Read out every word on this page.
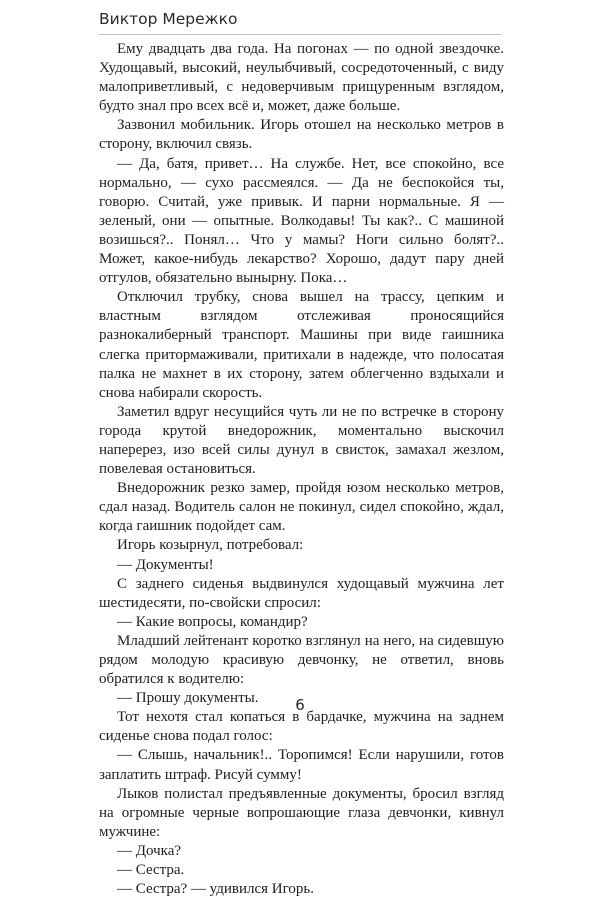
Виктор Мережко

Ему двадцать два года. На погонах — по одной звездочке. Худощавый, высокий, неулыбчивый, сосредоточенный, с виду малоприветливый, с недоверчивым прищуренным взглядом, будто знал про всех всё и, может, даже больше.

Зазвонил мобильник. Игорь отошел на несколько метров в сторону, включил связь.

— Да, батя, привет… На службе. Нет, все спокойно, все нормально, — сухо рассмеялся. — Да не беспокойся ты, говорю. Считай, уже привык. И парни нормальные. Я — зеленый, они — опытные. Волкодавы! Ты как?.. С машиной возишься?.. Понял… Что у мамы? Ноги сильно болят?.. Может, какое-нибудь лекарство? Хорошо, дадут пару дней отгулов, обязательно вынырну. Пока…

Отключил трубку, снова вышел на трассу, цепким и властным взглядом отслеживая проносящийся разнокалиберный транспорт. Машины при виде гаишника слегка притормаживали, притихали в надежде, что полосатая палка не махнет в их сторону, затем облегченно вздыхали и снова набирали скорость.

Заметил вдруг несущийся чуть ли не по встречке в сторону города крутой внедорожник, моментально выскочил наперерез, изо всей силы дунул в свисток, замахал жезлом, повелевая остановиться.

Внедорожник резко замер, пройдя юзом несколько метров, сдал назад. Водитель салон не покинул, сидел спокойно, ждал, когда гаишник подойдет сам.

Игорь козырнул, потребовал:

— Документы!

С заднего сиденья выдвинулся худощавый мужчина лет шестидесяти, по-свойски спросил:

— Какие вопросы, командир?

Младший лейтенант коротко взглянул на него, на сидевшую рядом молодую красивую девчонку, не ответил, вновь обратился к водителю:

— Прошу документы.

Тот нехотя стал копаться в бардачке, мужчина на заднем сиденье снова подал голос:

— Слышь, начальник!.. Торопимся! Если нарушили, готов заплатить штраф. Рисуй сумму!

Лыков полистал предъявленные документы, бросил взгляд на огромные черные вопрошающие глаза девчонки, кивнул мужчине:

— Дочка?

— Сестра.

— Сестра? — удивился Игорь.

6
